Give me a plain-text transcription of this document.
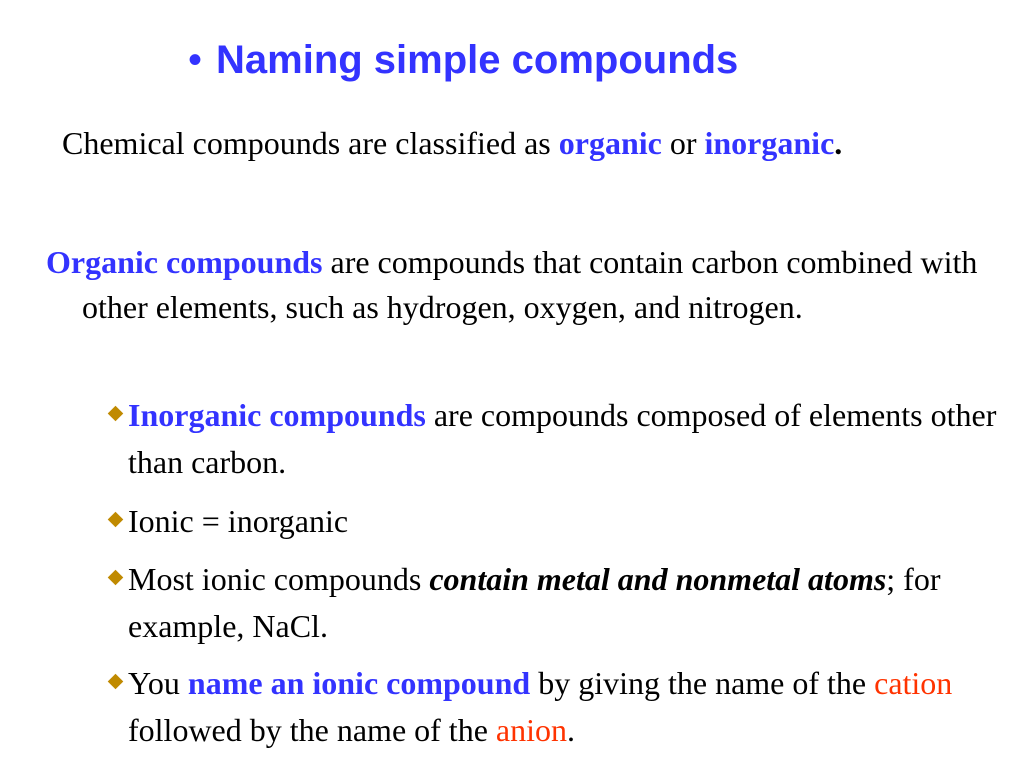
• Naming simple compounds
Chemical compounds are classified as organic or inorganic.
Organic compounds are compounds that contain carbon combined with other elements, such as hydrogen, oxygen, and nitrogen.
Inorganic compounds are compounds composed of elements other than carbon.
Ionic = inorganic
Most ionic compounds contain metal and nonmetal atoms; for example, NaCl.
You name an ionic compound by giving the name of the cation followed by the name of the anion.
